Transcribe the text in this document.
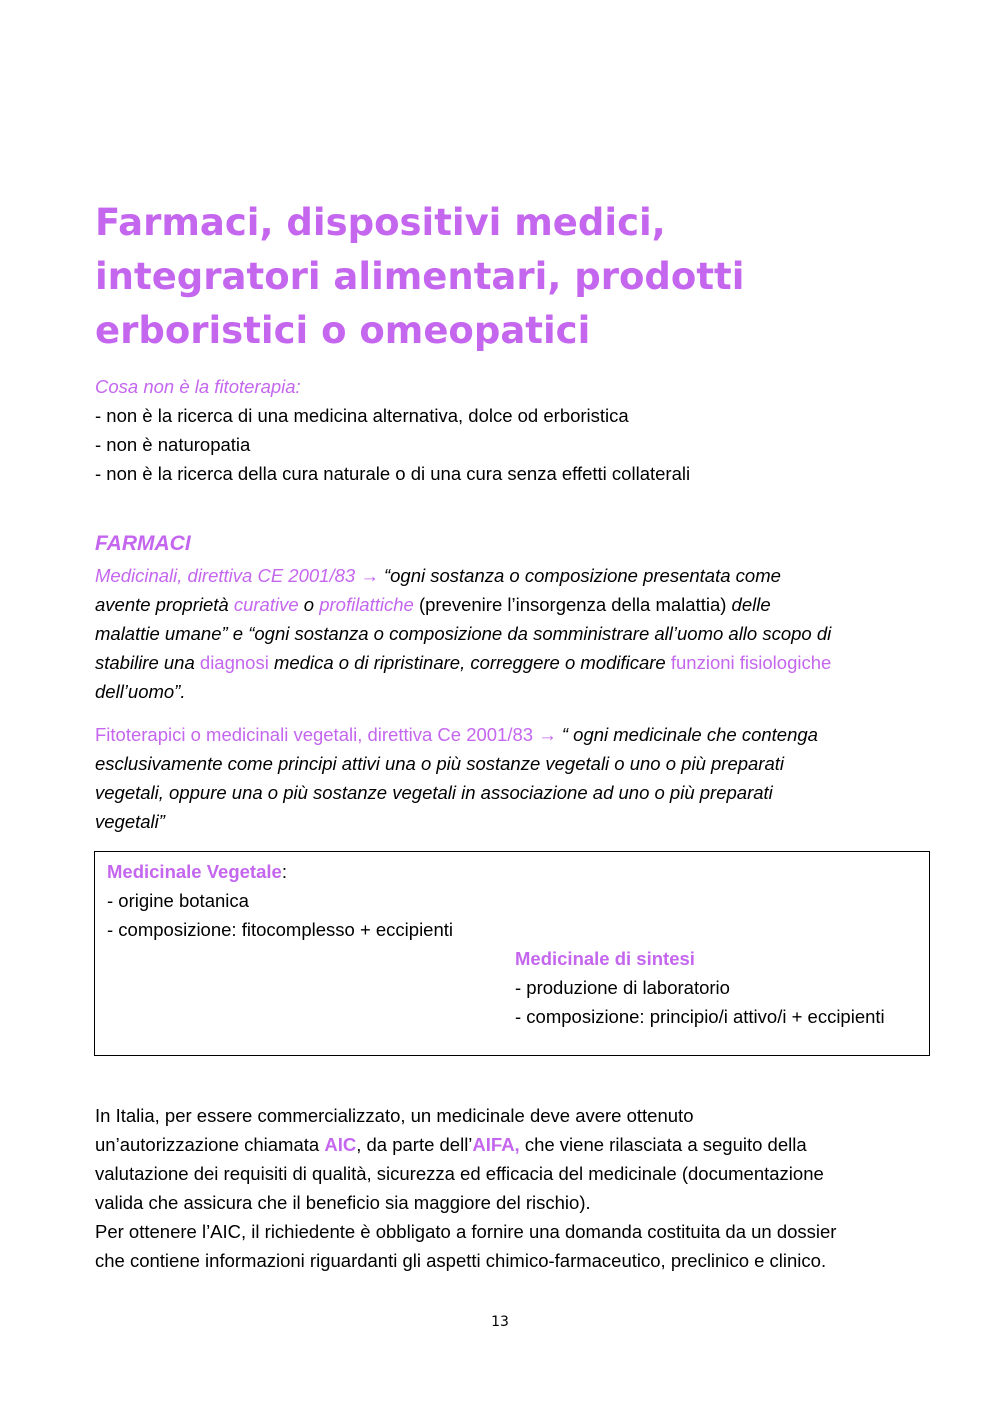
Farmaci, dispositivi medici,
integratori alimentari, prodotti
erboristici o omeopatici
Cosa non è la fitoterapia:
- non è la ricerca di una medicina alternativa, dolce od erboristica
- non è naturopatia
- non è la ricerca della cura naturale o di una cura senza effetti collaterali
FARMACI
Medicinali, direttiva CE 2001/83 → “ogni sostanza o composizione presentata come
avente proprietà curative o profilattiche (prevenire l’insorgenza della malattia) delle
malattie umane” e “ogni sostanza o composizione da somministrare all’uomo allo scopo di
stabilire una diagnosi medica o di ripristinare, correggere o modificare funzioni fisiologiche
dell’uomo”.
Fitoterapici o medicinali vegetali, direttiva Ce 2001/83 → “ ogni medicinale che contenga
esclusivamente come principi attivi una o più sostanze vegetali o uno o più preparati
vegetali, oppure una o più sostanze vegetali in associazione ad uno o più preparati
vegetali”
Medicinale Vegetale:
- origine botanica
- composizione: fitocomplesso + eccipienti
Medicinale di sintesi
- produzione di laboratorio
- composizione: principio/i attivo/i + eccipienti
In Italia, per essere commercializzato, un medicinale deve avere ottenuto
un’autorizzazione chiamata AIC, da parte dell’AIFA, che viene rilasciata a seguito della
valutazione dei requisiti di qualità, sicurezza ed efficacia del medicinale (documentazione
valida che assicura che il beneficio sia maggiore del rischio).
Per ottenere l’AIC, il richiedente è obbligato a fornire una domanda costituita da un dossier
che contiene informazioni riguardanti gli aspetti chimico-farmaceutico, preclinico e clinico.
13
